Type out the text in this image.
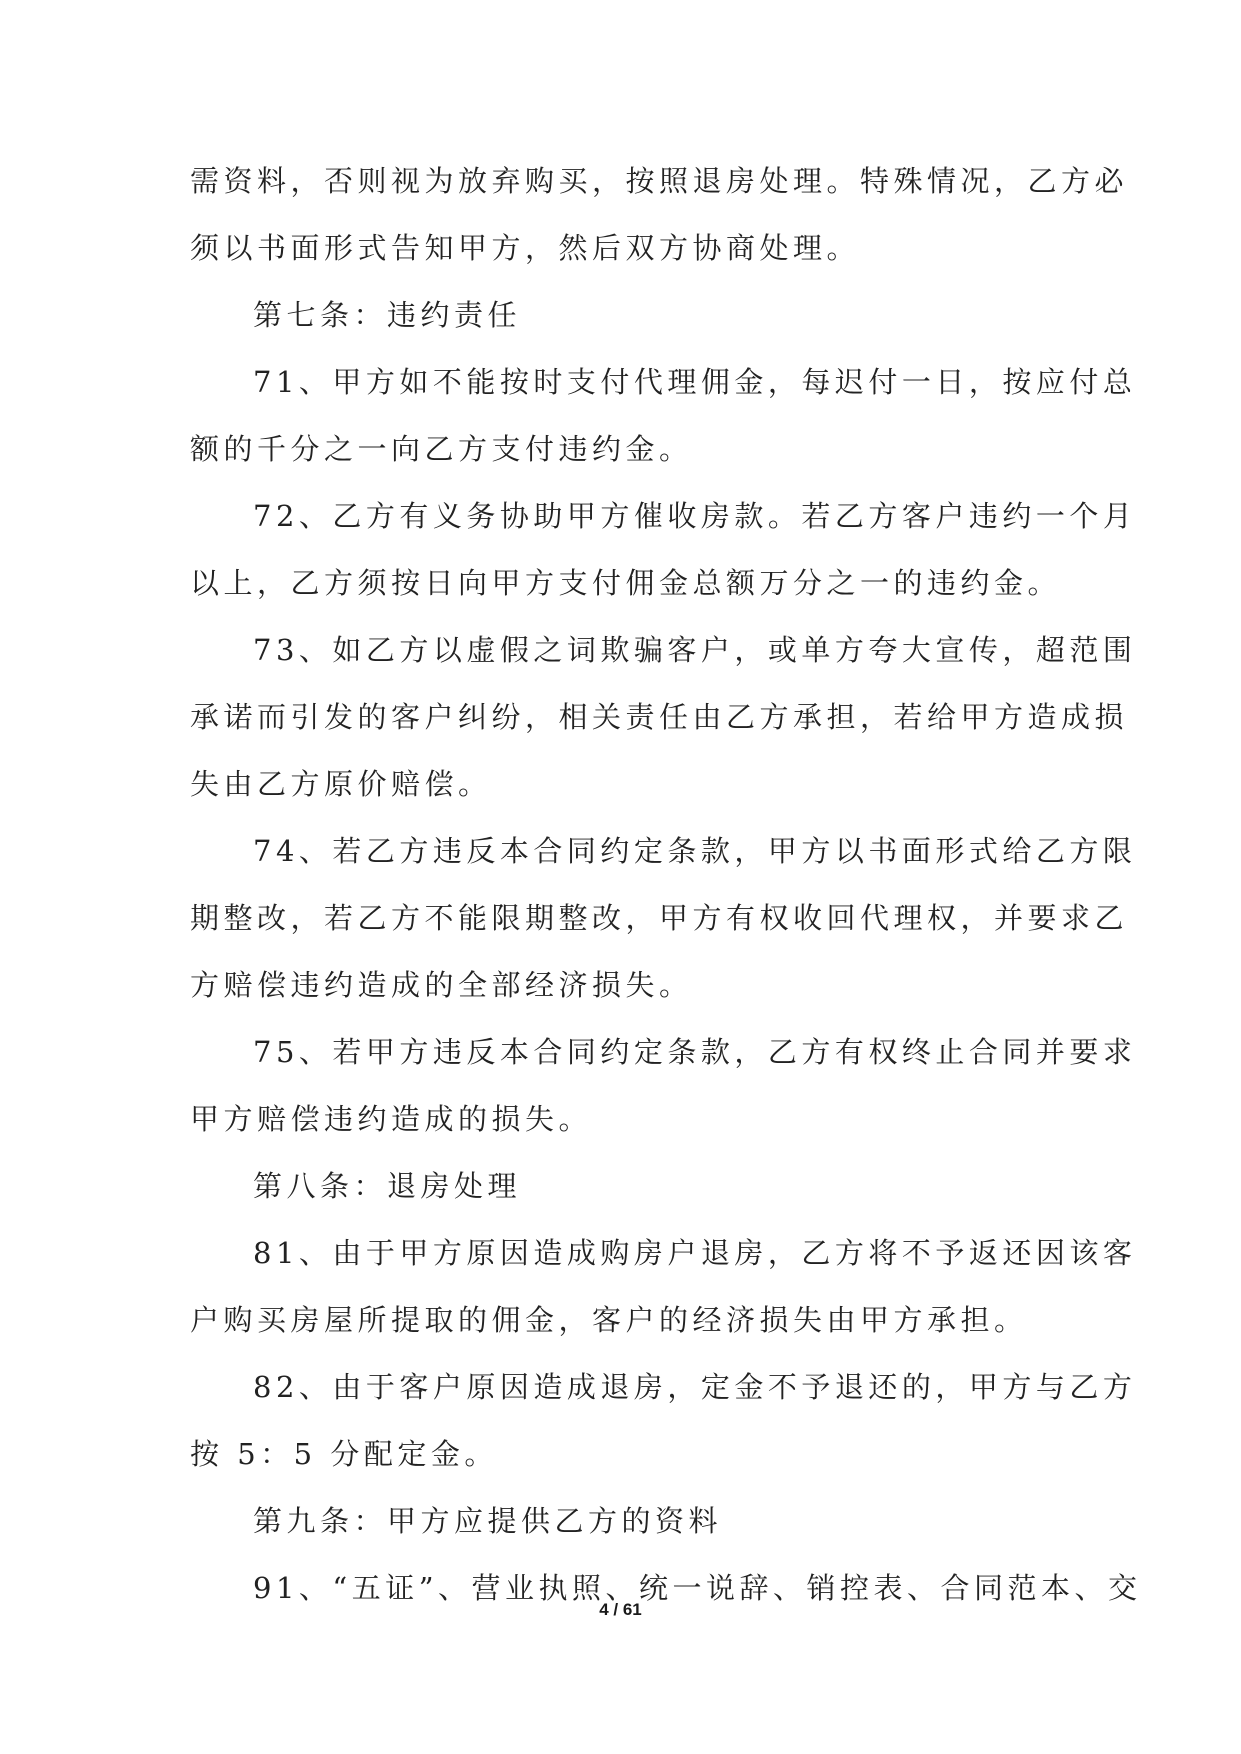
需资料，否则视为放弃购买，按照退房处理。特殊情况，乙方必

须以书面形式告知甲方，然后双方协商处理。

第七条：违约责任

71、甲方如不能按时支付代理佣金，每迟付一日，按应付总

额的千分之一向乙方支付违约金。

72、乙方有义务协助甲方催收房款。若乙方客户违约一个月

以上，乙方须按日向甲方支付佣金总额万分之一的违约金。

73、如乙方以虚假之词欺骗客户，或单方夸大宣传，超范围

承诺而引发的客户纠纷，相关责任由乙方承担，若给甲方造成损

失由乙方原价赔偿。

74、若乙方违反本合同约定条款，甲方以书面形式给乙方限

期整改，若乙方不能限期整改，甲方有权收回代理权，并要求乙

方赔偿违约造成的全部经济损失。

75、若甲方违反本合同约定条款，乙方有权终止合同并要求

甲方赔偿违约造成的损失。

第八条：退房处理

81、由于甲方原因造成购房户退房，乙方将不予返还因该客

户购买房屋所提取的佣金，客户的经济损失由甲方承担。

82、由于客户原因造成退房，定金不予退还的，甲方与乙方

按 5：5 分配定金。

第九条：甲方应提供乙方的资料

91、“五证”、营业执照、统一说辞、销控表、合同范本、交

4 / 61
